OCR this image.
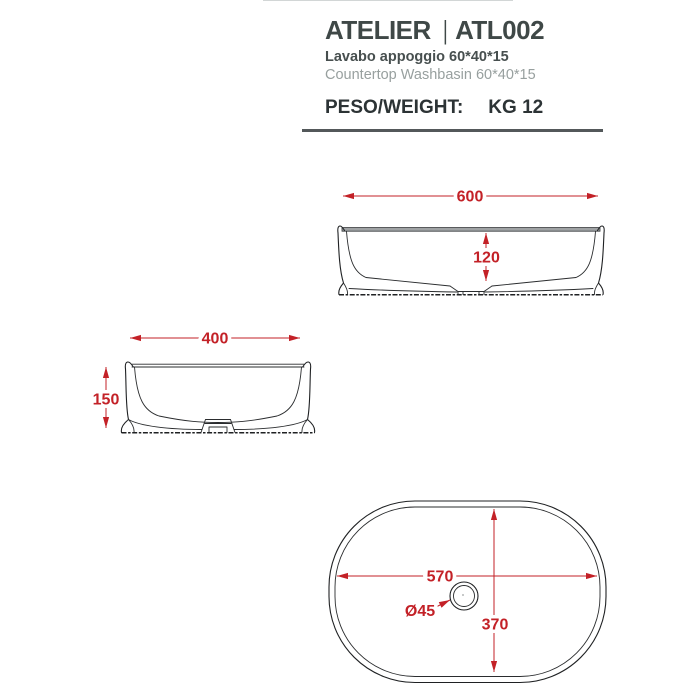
ATELIER | ATL002
Lavabo appoggio 60*40*15
Countertop Washbasin 60*40*15
PESO/WEIGHT: KG 12
600
120
400
150
570
370
Ø45
